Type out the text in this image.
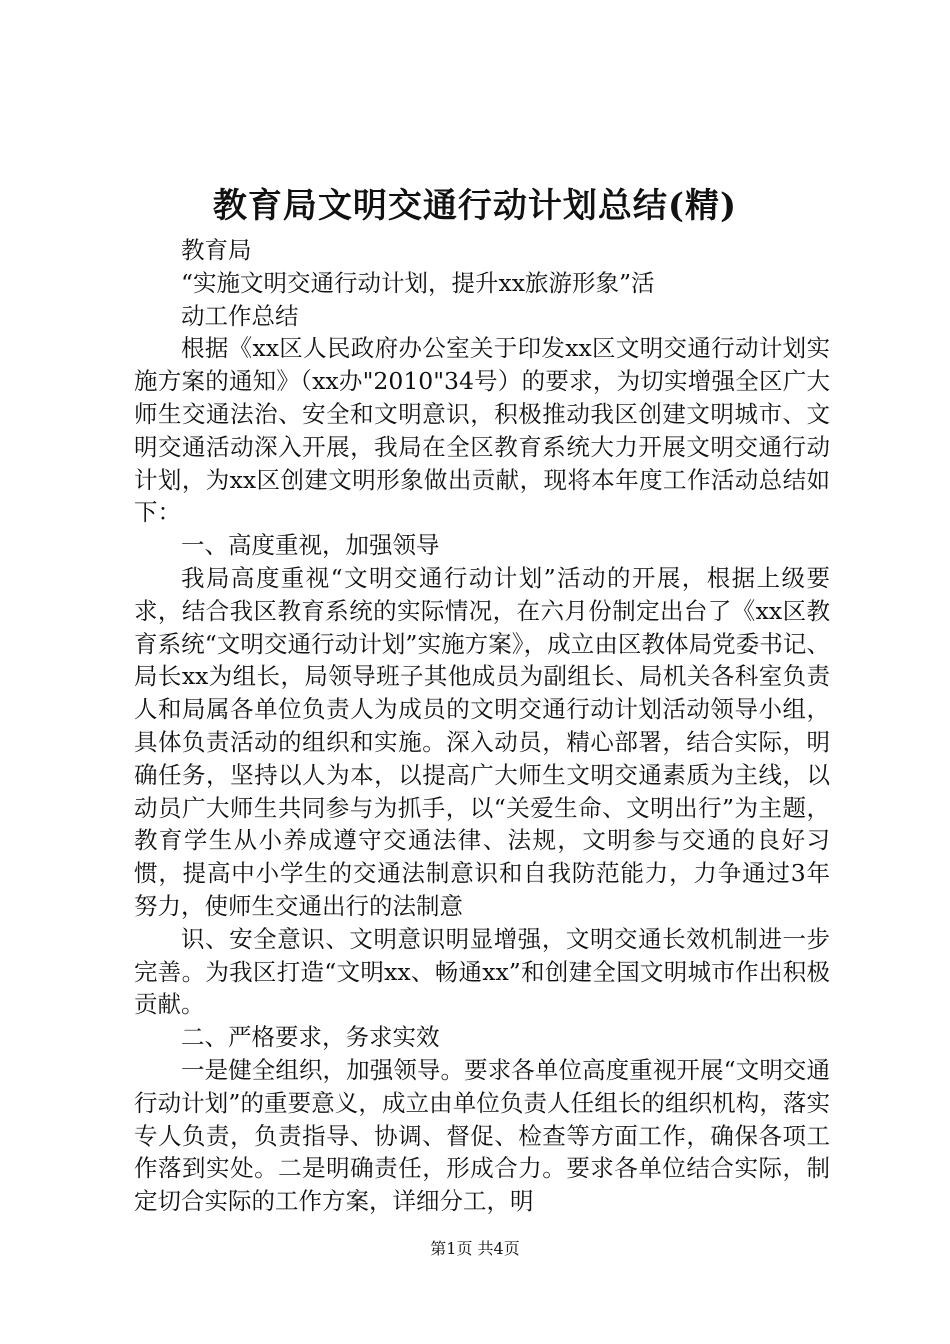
教育局文明交通行动计划总结(精)

教育局

“实施文明交通行动计划，提升xx旅游形象”活

动工作总结

根据《xx区人民政府办公室关于印发xx区文明交通行动计划实施方案的通知》（xx办"2010"34号）的要求，为切实增强全区广大师生交通法治、安全和文明意识，积极推动我区创建文明城市、文明交通活动深入开展，我局在全区教育系统大力开展文明交通行动计划，为xx区创建文明形象做出贡献，现将本年度工作活动总结如下：

一、高度重视，加强领导

我局高度重视“文明交通行动计划”活动的开展，根据上级要求，结合我区教育系统的实际情况，在六月份制定出台了《xx区教育系统“文明交通行动计划”实施方案》，成立由区教体局党委书记、局长xx为组长，局领导班子其他成员为副组长、局机关各科室负责人和局属各单位负责人为成员的文明交通行动计划活动领导小组，具体负责活动的组织和实施。深入动员，精心部署，结合实际，明确任务，坚持以人为本，以提高广大师生文明交通素质为主线，以动员广大师生共同参与为抓手，以“关爱生命、文明出行”为主题，教育学生从小养成遵守交通法律、法规，文明参与交通的良好习惯，提高中小学生的交通法制意识和自我防范能力，力争通过3年努力，使师生交通出行的法制意

识、安全意识、文明意识明显增强，文明交通长效机制进一步完善。为我区打造“文明xx、畅通xx”和创建全国文明城市作出积极贡献。

二、严格要求，务求实效

一是健全组织，加强领导。要求各单位高度重视开展“文明交通行动计划”的重要意义，成立由单位负责人任组长的组织机构，落实专人负责，负责指导、协调、督促、检查等方面工作，确保各项工作落到实处。二是明确责任，形成合力。要求各单位结合实际，制定切合实际的工作方案，详细分工，明

第1页 共4页
